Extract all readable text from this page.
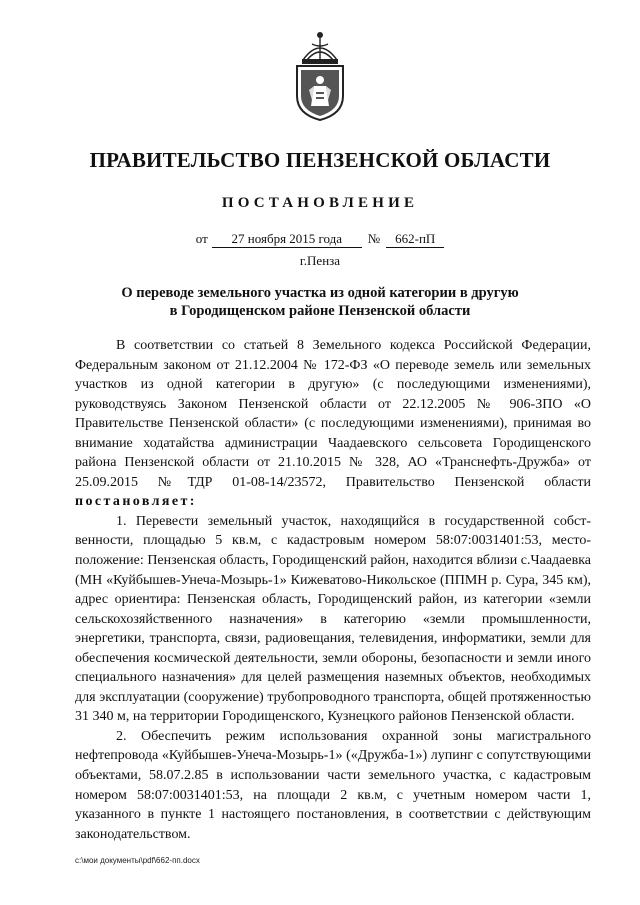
ПРАВИТЕЛЬСТВО ПЕНЗЕНСКОЙ ОБЛАСТИ
ПОСТАНОВЛЕНИЕ
от 27 ноября 2015 года № 662-пП
г.Пенза
О переводе земельного участка из одной категории в другую
в Городищенском районе Пензенской области

В соответствии со статьей 8 Земельного кодекса Российской Федерации, Федеральным законом от 21.12.2004 № 172-ФЗ «О переводе земель или земельных участков из одной категории в другую» (с последующими изменениями), руководствуясь Законом Пензенской области от 22.12.2005 № 906-ЗПО «О Правительстве Пензенской области» (с последующими изменениями), принимая во внимание ходатайства администрации Чаадаевского сельсовета Городищенского района Пензенской области от 21.10.2015 № 328, АО «Транснефть-Дружба» от 25.09.2015 №ТДР 01-08-14/23572, Правительство Пензенской области постановляет:

1. Перевести земельный участок, находящийся в государственной собственности, площадью 5 кв.м, с кадастровым номером 58:07:0031401:53, местоположение: Пензенская область, Городищенский район, находится вблизи с.Чаадаевка (МН «Куйбышев-Унеча-Мозырь-1» Кижеватово-Никольское (ППМН р. Сура, 345 км), адрес ориентира: Пензенская область, Городищенский район, из категории «земли сельскохозяйственного назначения» в категорию «земли промышленности, энергетики, транспорта, связи, радиовещания, телевидения, информатики, земли для обеспечения космической деятельности, земли обороны, безопасности и земли иного специального назначения» для целей размещения наземных объектов, необходимых для эксплуатации (сооружение) трубопроводного транспорта, общей протяженностью 31 340 м, на территории Городищенского, Кузнецкого районов Пензенской области.

2. Обеспечить режим использования охранной зоны магистрального нефтепровода «Куйбышев-Унеча-Мозырь-1» («Дружба-1») лупинг с сопутствующими объектами, 58.07.2.85 в использовании части земельного участка, с кадастровым номером 58:07:0031401:53, на площади 2 кв.м, с учетным номером части 1, указанного в пункте 1 настоящего постановления, в соответствии с действующим законодательством.

c:\мои документы\pdf\662-пп.docx
